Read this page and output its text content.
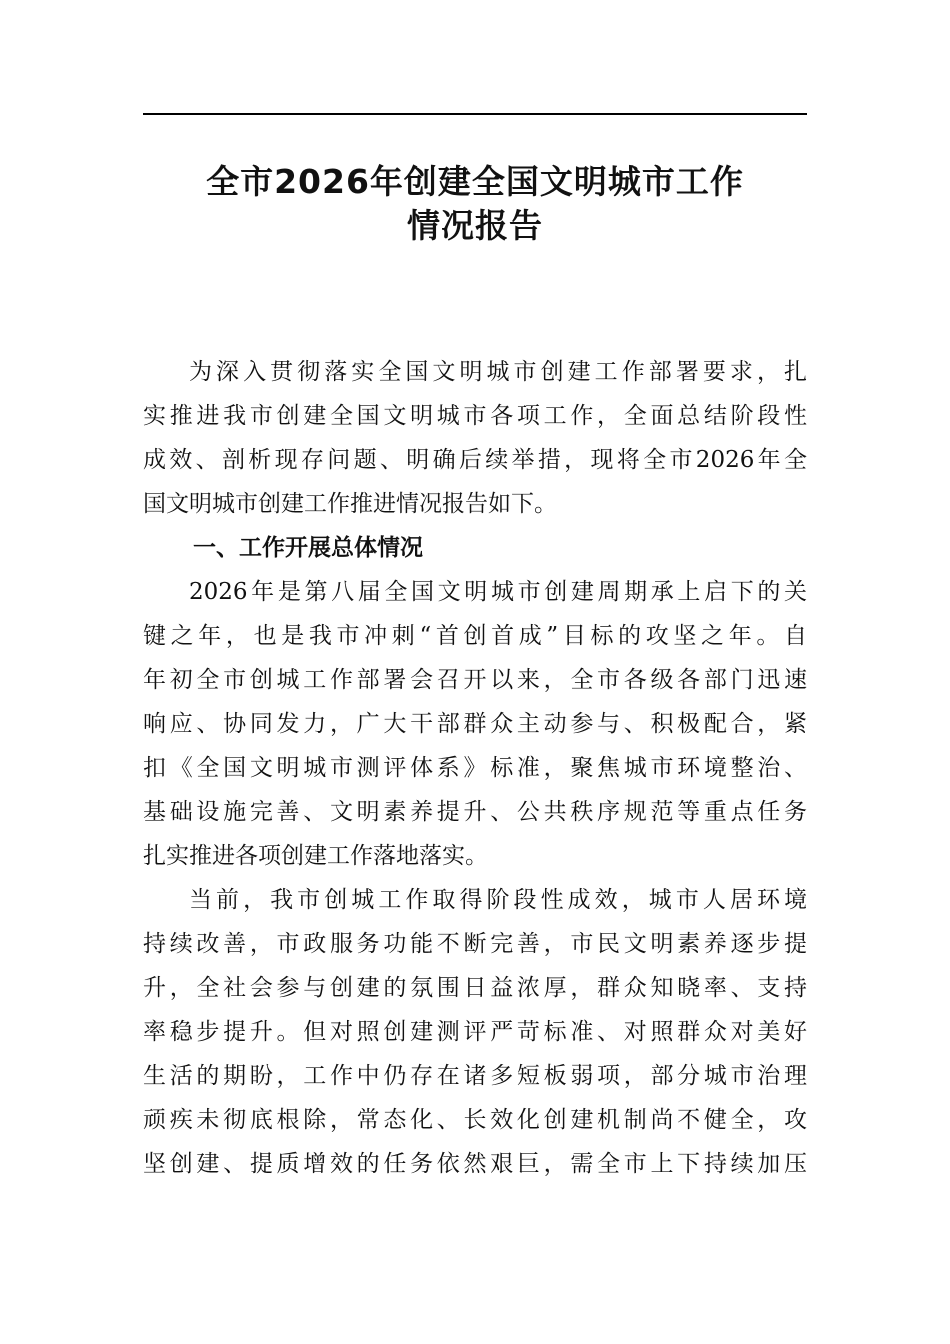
全市2026年创建全国文明城市工作
情况报告
为深入贯彻落实全国文明城市创建工作部署要求，扎
实推进我市创建全国文明城市各项工作，全面总结阶段性
成效、剖析现存问题、明确后续举措，现将全市2026年全
国文明城市创建工作推进情况报告如下。
一、工作开展总体情况
2026年是第八届全国文明城市创建周期承上启下的关
键之年，也是我市冲刺“首创首成”目标的攻坚之年。自
年初全市创城工作部署会召开以来，全市各级各部门迅速
响应、协同发力，广大干部群众主动参与、积极配合，紧
扣《全国文明城市测评体系》标准，聚焦城市环境整治、
基础设施完善、文明素养提升、公共秩序规范等重点任务
扎实推进各项创建工作落地落实。
当前，我市创城工作取得阶段性成效，城市人居环境
持续改善，市政服务功能不断完善，市民文明素养逐步提
升，全社会参与创建的氛围日益浓厚，群众知晓率、支持
率稳步提升。但对照创建测评严苛标准、对照群众对美好
生活的期盼，工作中仍存在诸多短板弱项，部分城市治理
顽疾未彻底根除，常态化、长效化创建机制尚不健全，攻
坚创建、提质增效的任务依然艰巨，需全市上下持续加压
